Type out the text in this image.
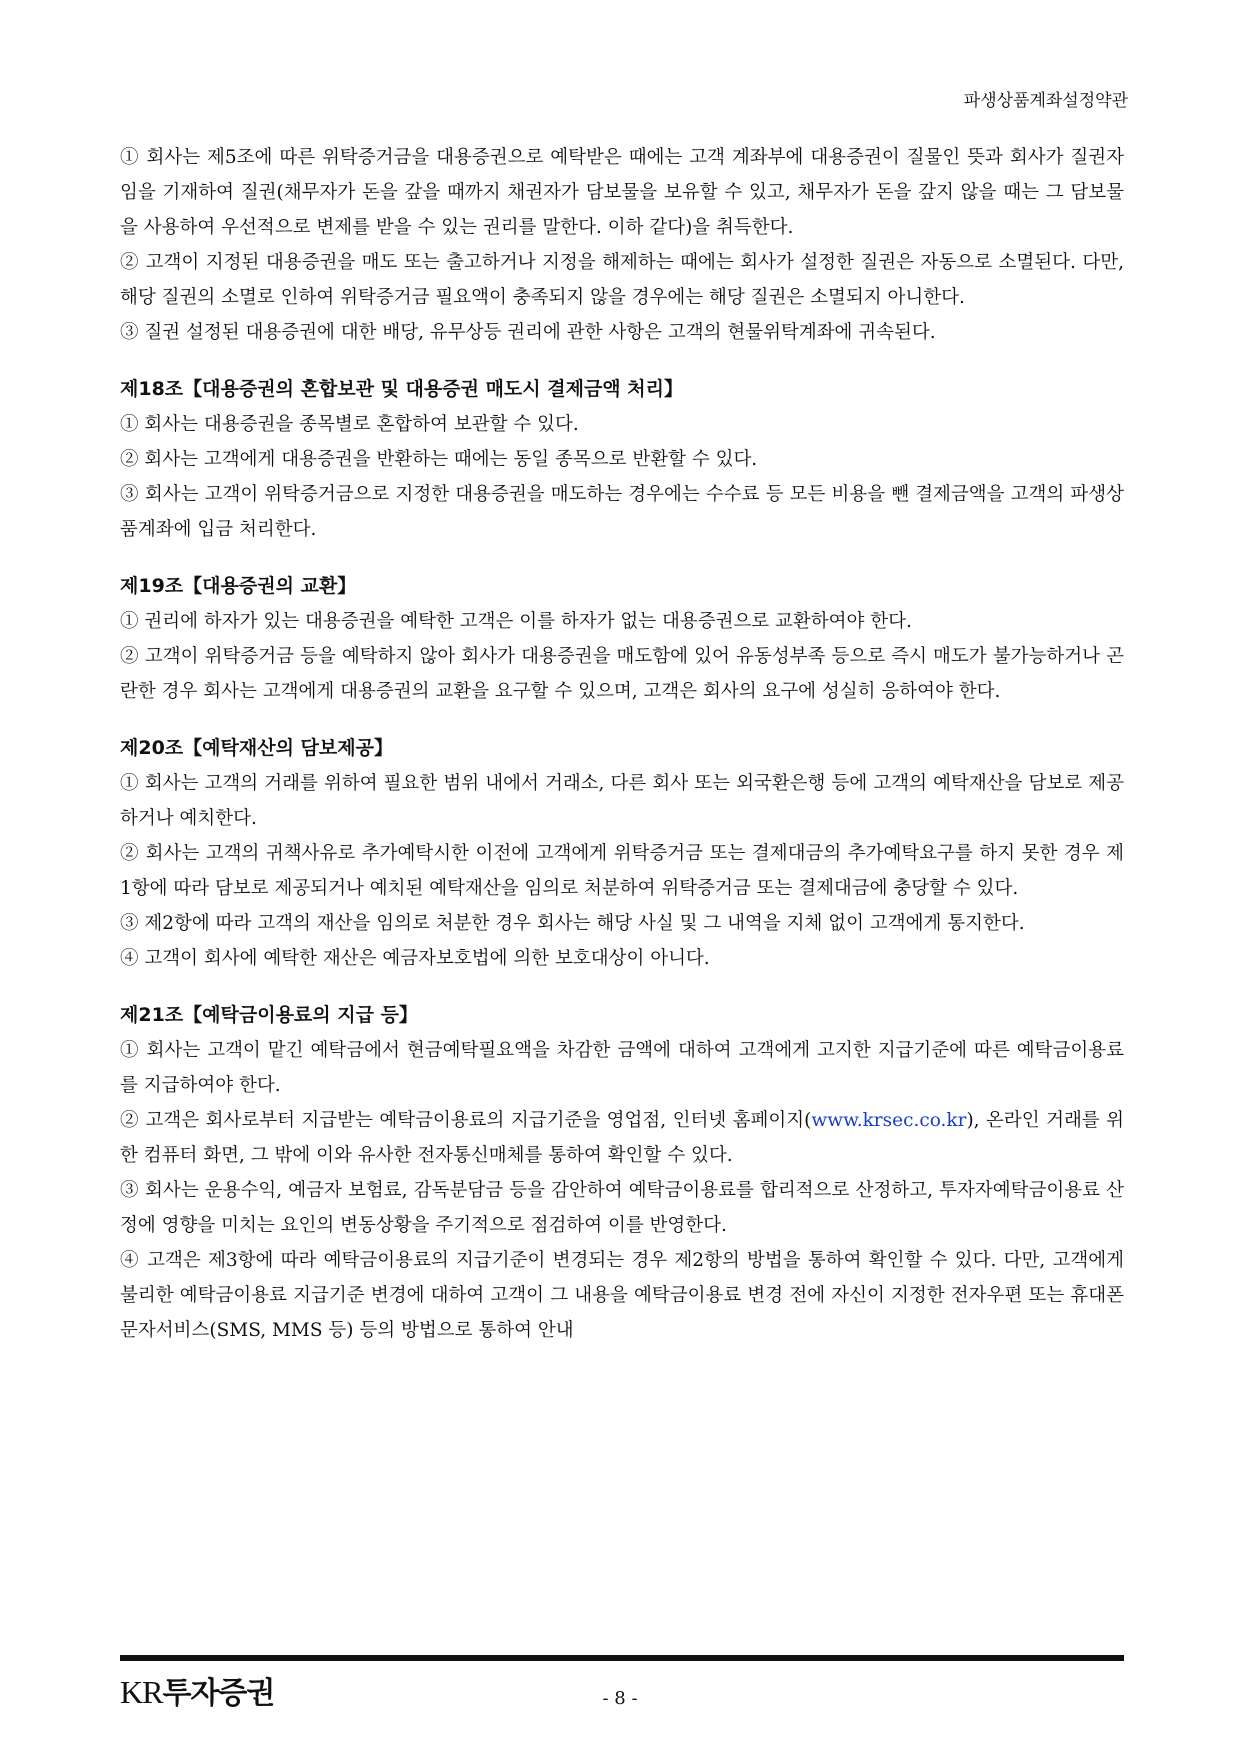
파생상품계좌설정약관

① 회사는 제5조에 따른 위탁증거금을 대용증권으로 예탁받은 때에는 고객 계좌부에 대용증권이 질물인 뜻과 회사가 질권자임을 기재하여 질권(채무자가 돈을 갚을 때까지 채권자가 담보물을 보유할 수 있고, 채무자가 돈을 갚지 않을 때는 그 담보물을 사용하여 우선적으로 변제를 받을 수 있는 권리를 말한다. 이하 같다)을 취득한다.

② 고객이 지정된 대용증권을 매도 또는 출고하거나 지정을 해제하는 때에는 회사가 설정한 질권은 자동으로 소멸된다. 다만, 해당 질권의 소멸로 인하여 위탁증거금 필요액이 충족되지 않을 경우에는 해당 질권은 소멸되지 아니한다.

③ 질권 설정된 대용증권에 대한 배당, 유무상등 권리에 관한 사항은 고객의 현물위탁계좌에 귀속된다.

제18조【대용증권의 혼합보관 및 대용증권 매도시 결제금액 처리】

① 회사는 대용증권을 종목별로 혼합하여 보관할 수 있다.

② 회사는 고객에게 대용증권을 반환하는 때에는 동일 종목으로 반환할 수 있다.

③ 회사는 고객이 위탁증거금으로 지정한 대용증권을 매도하는 경우에는 수수료 등 모든 비용을 뺀 결제금액을 고객의 파생상품계좌에 입금 처리한다.

제19조【대용증권의 교환】

① 권리에 하자가 있는 대용증권을 예탁한 고객은 이를 하자가 없는 대용증권으로 교환하여야 한다.

② 고객이 위탁증거금 등을 예탁하지 않아 회사가 대용증권을 매도함에 있어 유동성부족 등으로 즉시 매도가 불가능하거나 곤란한 경우 회사는 고객에게 대용증권의 교환을 요구할 수 있으며, 고객은 회사의 요구에 성실히 응하여야 한다.

제20조【예탁재산의 담보제공】

① 회사는 고객의 거래를 위하여 필요한 범위 내에서 거래소, 다른 회사 또는 외국환은행 등에 고객의 예탁재산을 담보로 제공하거나 예치한다.

② 회사는 고객의 귀책사유로 추가예탁시한 이전에 고객에게 위탁증거금 또는 결제대금의 추가예탁요구를 하지 못한 경우 제1항에 따라 담보로 제공되거나 예치된 예탁재산을 임의로 처분하여 위탁증거금 또는 결제대금에 충당할 수 있다.

③ 제2항에 따라 고객의 재산을 임의로 처분한 경우 회사는 해당 사실 및 그 내역을 지체 없이 고객에게 통지한다.

④ 고객이 회사에 예탁한 재산은 예금자보호법에 의한 보호대상이 아니다.

제21조【예탁금이용료의 지급 등】

① 회사는 고객이 맡긴 예탁금에서 현금예탁필요액을 차감한 금액에 대하여 고객에게 고지한 지급기준에 따른 예탁금이용료를 지급하여야 한다.

② 고객은 회사로부터 지급받는 예탁금이용료의 지급기준을 영업점, 인터넷 홈페이지(www.krsec.co.kr), 온라인 거래를 위한 컴퓨터 화면, 그 밖에 이와 유사한 전자통신매체를 통하여 확인할 수 있다.

③ 회사는 운용수익, 예금자 보험료, 감독분담금 등을 감안하여 예탁금이용료를 합리적으로 산정하고, 투자자예탁금이용료 산정에 영향을 미치는 요인의 변동상황을 주기적으로 점검하여 이를 반영한다.

④ 고객은 제3항에 따라 예탁금이용료의 지급기준이 변경되는 경우 제2항의 방법을 통하여 확인할 수 있다. 다만, 고객에게 불리한 예탁금이용료 지급기준 변경에 대하여 고객이 그 내용을 예탁금이용료 변경 전에 자신이 지정한 전자우편 또는 휴대폰 문자서비스(SMS, MMS 등) 등의 방법으로 통하여 안내

KR투자증권	- 8 -
